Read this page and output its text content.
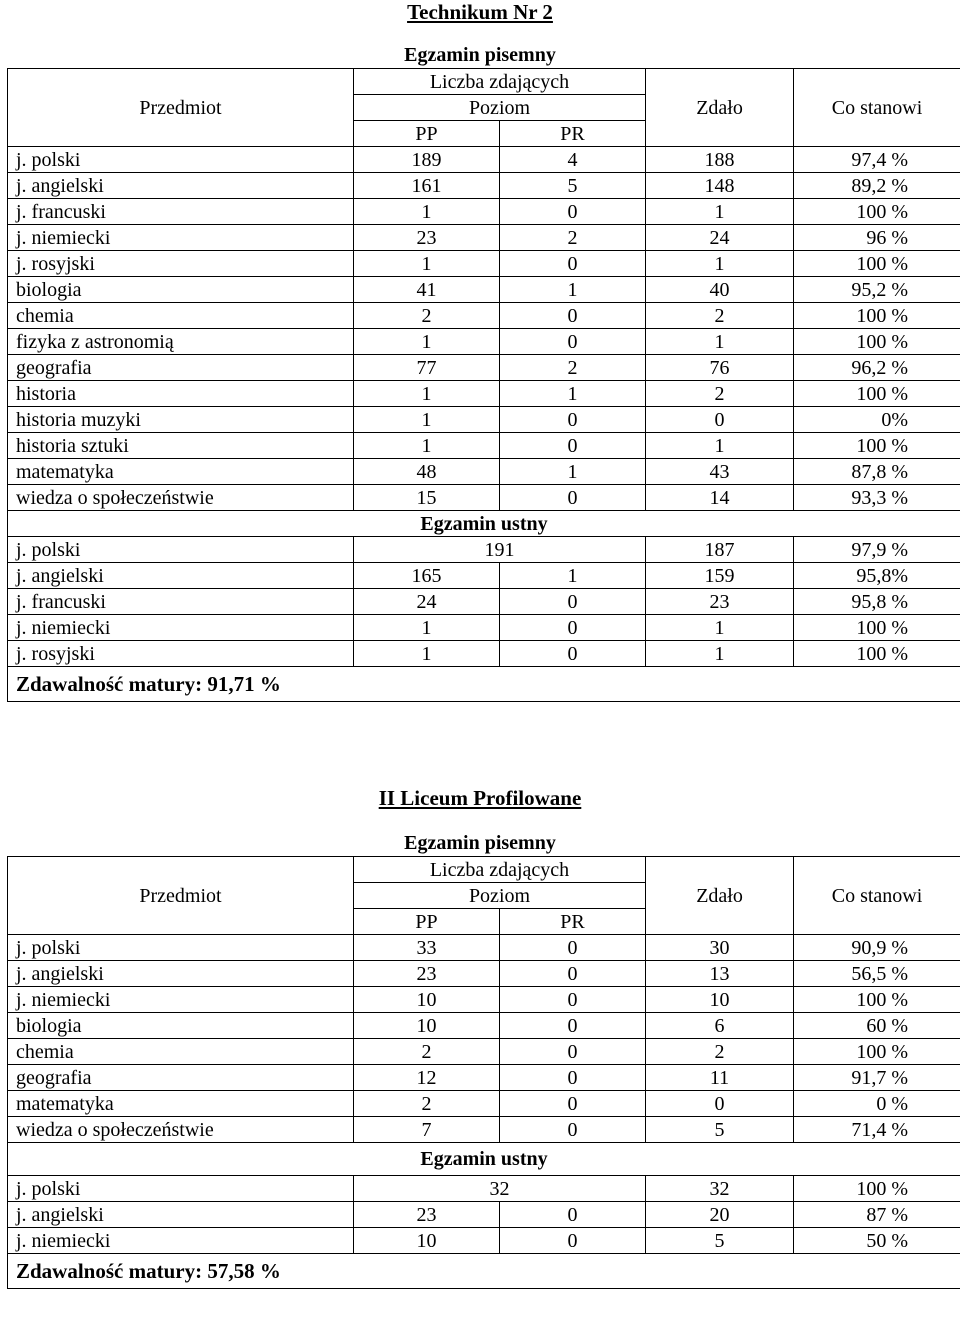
Technikum Nr 2
Egzamin pisemny
Przedmiot	Liczba zdających		Zdało	Co stanowi
	Poziom			
	PP	PR		
j. polski	189	4	188	97,4 %
j. angielski	161	5	148	89,2 %
j. francuski	1	0	1	100 %
j. niemiecki	23	2	24	96 %
j. rosyjski	1	0	1	100 %
biologia	41	1	40	95,2 %
chemia	2	0	2	100 %
fizyka z astronomią	1	0	1	100 %
geografia	77	2	76	96,2 %
historia	1	1	2	100 %
historia muzyki	1	0	0	0%
historia sztuki	1	0	1	100 %
matematyka	48	1	43	87,8 %
wiedza o społeczeństwie	15	0	14	93,3 %
Egzamin ustny				
j. polski	191		187	97,9 %
j. angielski	165	1	159	95,8%
j. francuski	24	0	23	95,8 %
j. niemiecki	1	0	1	100 %
j. rosyjski	1	0	1	100 %
Zdawalność matury: 91,71 %				
II Liceum Profilowane
Egzamin pisemny
Przedmiot	Liczba zdających		Zdało	Co stanowi
	Poziom			
	PP	PR		
j. polski	33	0	30	90,9 %
j. angielski	23	0	13	56,5 %
j. niemiecki	10	0	10	100 %
biologia	10	0	6	60 %
chemia	2	0	2	100 %
geografia	12	0	11	91,7 %
matematyka	2	0	0	0 %
wiedza o społeczeństwie	7	0	5	71,4 %
Egzamin ustny				
j. polski	32		32	100 %
j. angielski	23	0	20	87 %
j. niemiecki	10	0	5	50 %
Zdawalność matury: 57,58 %				
